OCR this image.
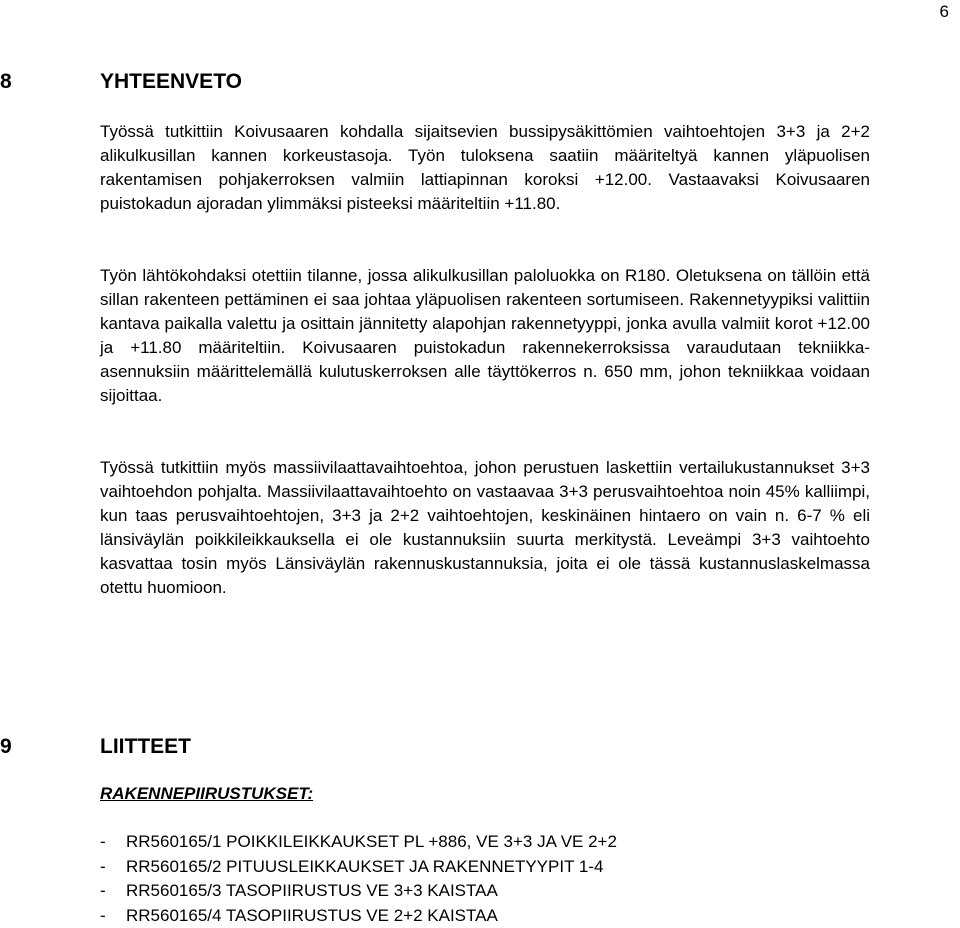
6
8	YHTEENVETO

Työssä tutkittiin Koivusaaren kohdalla sijaitsevien bussipysäkittömien vaihtoehtojen 3+3 ja 2+2 alikulkusillan kannen korkeustasoja. Työn tuloksena saatiin määriteltyä kannen yläpuolisen rakentamisen pohjakerroksen valmiin lattiapinnan koroksi +12.00. Vastaavaksi Koivusaaren puistokadun ajoradan ylimmäksi pisteeksi määriteltiin +11.80.

Työn lähtökohdaksi otettiin tilanne, jossa alikulkusillan paloluokka on R180. Oletuksena on tällöin että sillan rakenteen pettäminen ei saa johtaa yläpuolisen rakenteen sortumiseen. Rakennetyypiksi valittiin kantava paikalla valettu ja osittain jännitetty alapohjan rakennetyyppi, jonka avulla valmiit korot +12.00 ja +11.80 määriteltiin. Koivusaaren puistokadun rakennekerroksissa varaudutaan tekniikka-asennuksiin määrittelemällä kulutuskerroksen alle täyttökerros n. 650 mm, johon tekniikkaa voidaan sijoittaa.

Työssä tutkittiin myös massiivilaattavaihtoehtoa, johon perustuen laskettiin vertailukustannukset 3+3 vaihtoehdon pohjalta. Massiivilaattavaihtoehto on vastaavaa 3+3 perusvaihtoehtoa noin 45% kalliimpi, kun taas perusvaihtoehtojen, 3+3 ja 2+2 vaihtoehtojen, keskinäinen hintaero on vain n. 6-7 % eli länsiväylän poikkileikkauksella ei ole kustannuksiin suurta merkitystä. Leveämpi 3+3 vaihtoehto kasvattaa tosin myös Länsiväylän rakennuskustannuksia, joita ei ole tässä kustannuslaskelmassa otettu huomioon.

9	LIITTEET
RAKENNEPIIRUSTUKSET:
- RR560165/1 POIKKILEIKKAUKSET PL +886, VE 3+3 JA VE 2+2
- RR560165/2 PITUUSLEIKKAUKSET JA RAKENNETYYPIT 1-4
- RR560165/3 TASOPIIRUSTUS VE 3+3 KAISTAA
- RR560165/4 TASOPIIRUSTUS VE 2+2 KAISTAA
